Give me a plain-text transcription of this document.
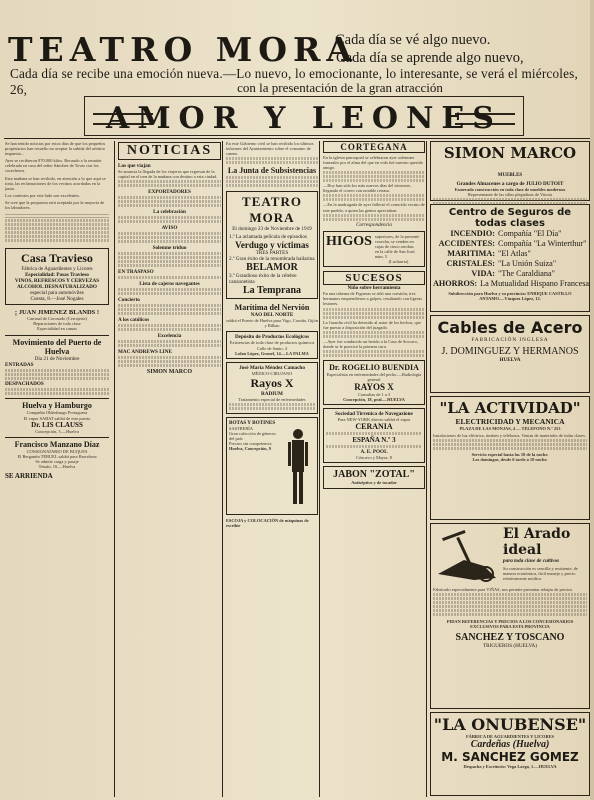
TEATRO MORA
Cada día se vé algo nuevo.
Cada día se aprende algo nuevo,
Cada día se recibe una emoción nueva.—Lo nuevo, lo emocionante, lo interesante, se verá el miércoles, 26,	con la presentación de la gran atracción
AMOR Y LEONES
Se han tenido noticias por estos días de que los pequeños propietarios han resuelto no aceptar la subida del arbitrio impuesto...
Ayer se recibieron 870.000 kilos. Recaudo a la reunión celebrada en casa del señor Sánchez de Tovar con los cosecheros.
Esta mañana se han recibido, en atención a lo que aquí se trata, las reclamaciones de los vecinos acordadas en la junta.
Los contestes por este lado son excelentes.
Se cree que la propuesta será aceptada por la mayoría de los labradores.
Casa Travieso
Fábrica de Aguardientes y Licores
Especialidad: Pasas Travieso
VINOS, REFRESCOS Y CERVEZAS
ALCOHOL DESNATURALIZADO
especial para automóviles
Cuesta, 8.—José Nogales
¡ JUAN JIMENEZ BLANDS !
Carrasal de Coronado (Cerrajería)
Reparaciones de toda clase
Especialidad en camas
Movimiento del Puerto de Huelva
Día 21 de Noviembre
ENTRADAS
DESPACHADOS
Huelva y Hamburgo
Compañía Oldenburgo Portuguesa
El vapor SABAT saldrá de este puerto
Dr. LIS CLAUSS
Concepción, 3.—Huelva
Francisco Manzano Díaz
CONSIGNATARIO DE BUQUES
El Bergantín TERUEL saldrá para Barcelona
Se admite carga y pasaje
Tetuán, 16.—Huelva
SE ARRIENDA
NOTICIAS
Los que viajan
Se anuncia la llegada de los viajeros que regresan de la capital en el tren de la mañana con destino a esta ciudad.
EXPORTADORES
La celebración
AVISO
Solemne triduo
EN TRASPASO
Lista de cajeros navegantes
Concierto
A los católicos
Excelencia
MAC ANDREWS LINE
SIMON MARCO
En este Gobierno civil se han recibido los últimos informes del Ayuntamiento sobre el consumo de carnes.
La Junta de Subsistencias
TEATRO MORA
El domingo 23 de Noviembre de 1919
1.º La aclamada película de episodios
Verdugo y víctimas
TRES PARTES
2.º Gran éxito de la renombrada bailarina
BELAMOR
3.º Grandioso éxito de la célebre canzonetista
La Temprana
Marítima del Nervión
NAO DEL NORTE
saldrá el Puerto de Huelva para Vigo, Coruña, Gijón y Bilbao
Depósito de Productos Ecológicos
Existencias de toda clase de productos químicos
Calle de Santo, 4
Lolan López, Granel, 14.—LA PALMA
José María Méndez Camacho
MÉDICO-CIRUJANO
Rayos X
RADIUM
Tratamiento especial de enfermedades
BOTAS Y BOTINES
SASTRERÍA
Gran colección de géneros del país
Precios sin competencia
Huelva, Concepción, 9
ESCOJA y COLOCACIÓN de máquinas de escribir
CORTEGANA
En la iglesia parroquial se celebraron ayer solemnes funerales por el alma del que en vida fué nuestro querido amigo.
—Hoy han sido los más nuevos días del trimestre, llegando el correo con notable retraso.
—En la madrugada de ayer falleció el conocido vecino de este pueblo, a quien las gentes apreciaban.
Correspondencia
HIGOS superiores, de la presente cosecha, se venden en cajas de cinco arrobas
en la calle de San José, núm. 5
(Lacharria)
SUCESOS
Niño sobre herramienta
En una taberna de Figueras se riñó una cuestión, tres hermanos emprendieron a golpes, resultando con ligeras lesiones.
La Guardia civil ha detenido al autor de los hechos, que fue puesto a disposición del juzgado.
—Ayer fue conducido un herido a la Casa de Socorro, donde se le practicó la primera cura.
Dr. ROGELIO BUENDIA
Especialista en enfermedades del pecho.—Radiología general
RAYOS X
Consultas de 1 a 3
Concepción, 18, pral.—HUELVA
Sociedad Tirrenica de Navegazione
Para NEW-YORK directo saldrá el vapor
CERANIA
ESPAÑA N.º 3
A. E. POOL
Cóncavo y Mayor, 8
JABON "ZOTAL"
Antiséptico y de tocador
SIMON MARCO MUEBLES
Grandes Almacenes a cargo de JULIO DUTOIT
Esmerada construcción en toda clase de muebles modernos
Representante de las sillas plegadizas de Vitoria
Centro de Seguros de todas clases
INCENDIO: Compañía "El Día"
ACCIDENTES: Compañía "La Winterthur"
MARITIMA: "El Atlas"
CRISTALES: "La Unión Suiza"
VIDA: "The Caraldiana"
AHORROS: La Mutualidad Hispano Francesa
Subdirección para Huelva y su provincia: ENRIQUE CASTILLO
ANTAMO.—Vázquez López, 12.
Cables de Acero
FABRICACIÓN INGLESA
J. DOMINGUEZ Y HERMANOS
HUELVA
"LA ACTIVIDAD"
ELECTRICIDAD Y MECANICA
PLAZA DE LAS MONJAS, 4 — TELEFONO N.º 253
Instalaciones de luz eléctrica, timbres y teléfonos. Ventas de materiales de todas clases.
Servicio especial hasta las 10 de la noche.
Los domingos, desde 6 tarde a 10 noche.
El Arado ideal
para toda clase de cultivos
Su construcción es sencilla y resistente, de manera económica, fácil manejo y precio relativamente módico.
Fabricado especialmente para VIÑAS, nos permite presentar rebajas de precios.
PIDAN REFERENCIAS Y PRECIOS A LOS CONCESIONARIOS EXCLUSIVOS PARA ESTA PROVINCIA
SANCHEZ Y TOSCANO
TRIGUEROS (HUELVA)
"LA ONUBENSE"
FÁBRICA DE AGUARDIENTES Y LICORES
Cardeñas (Huelva)
M. SANCHEZ GOMEZ
Despacho y Escritorio: Vega Larga, 1.—HUELVA
